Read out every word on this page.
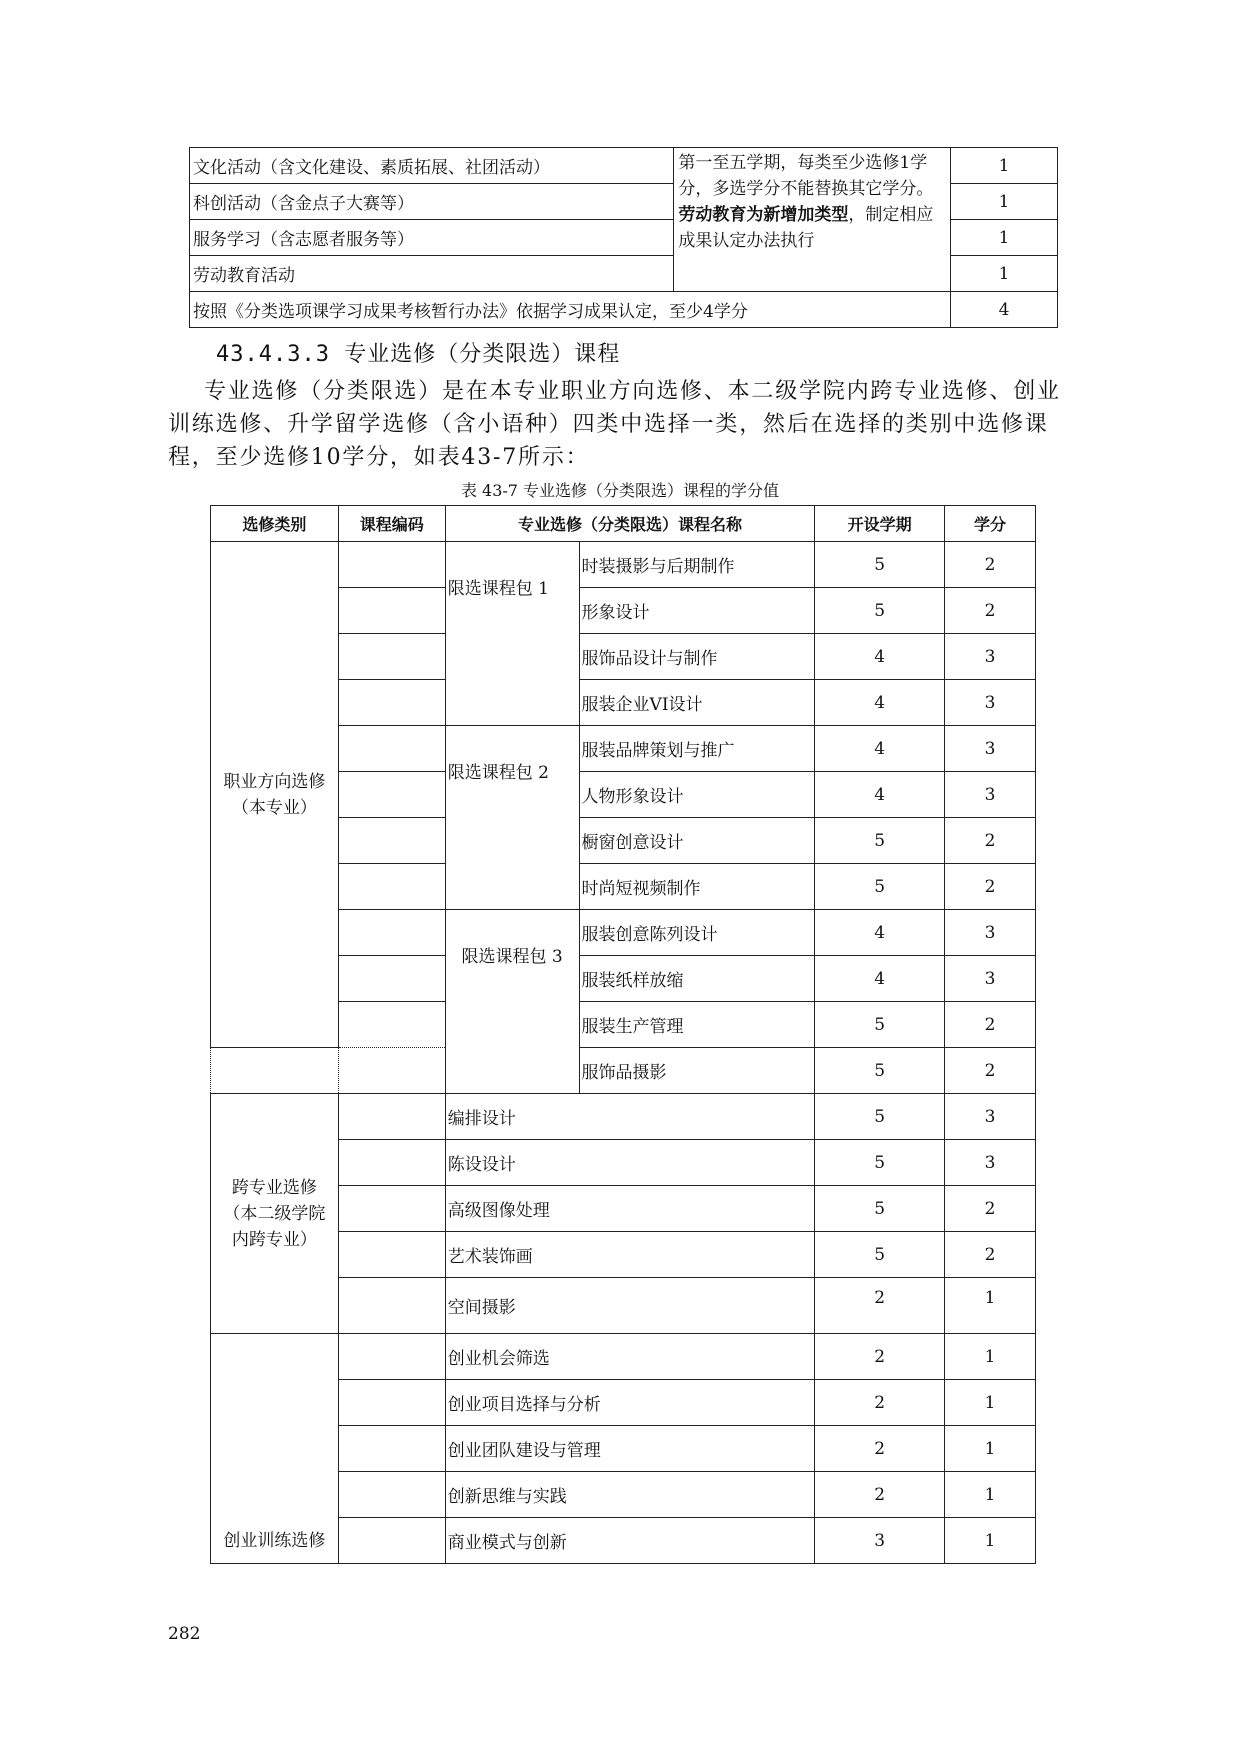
文化活动（含文化建设、素质拓展、社团活动）	第一至五学期，每类至少选修1学分，多选学分不能替换其它学分。劳动教育为新增加类型，制定相应成果认定办法执行	1
科创活动（含金点子大赛等）		1
服务学习（含志愿者服务等）		1
劳动教育活动		1
按照《分类选项课学习成果考核暂行办法》依据学习成果认定，至少4学分		4
43.4.3.3 专业选修（分类限选）课程

专业选修（分类限选）是在本专业职业方向选修、本二级学院内跨专业选修、创业训练选修、升学留学选修（含小语种）四类中选择一类，然后在选择的类别中选修课程，至少选修10学分，如表43-7所示：

表 43-7 专业选修（分类限选）课程的学分值
选修类别	课程编码	专业选修（分类限选）课程名称		开设学期	学分
职业方向选修
（本专业）		限选课程包 1	时装摄影与后期制作	5	2
			形象设计	5	2
			服饰品设计与制作	4	3
			服装企业VI设计	4	3
		限选课程包 2	服装品牌策划与推广	4	3
			人物形象设计	4	3
			橱窗创意设计	5	2
			时尚短视频制作	5	2
		限选课程包 3	服装创意陈列设计	4	3
			服装纸样放缩	4	3
			服装生产管理	5	2
			服饰品摄影	5	2
跨专业选修
（本二级学院
内跨专业）		编排设计		5	3
		陈设设计		5	3
		高级图像处理		5	2
		艺术装饰画		5	2
		空间摄影		2	1
创业训练选修		创业机会筛选		2	1
		创业项目选择与分析		2	1
		创业团队建设与管理		2	1
		创新思维与实践		2	1
		商业模式与创新		3	1
282
